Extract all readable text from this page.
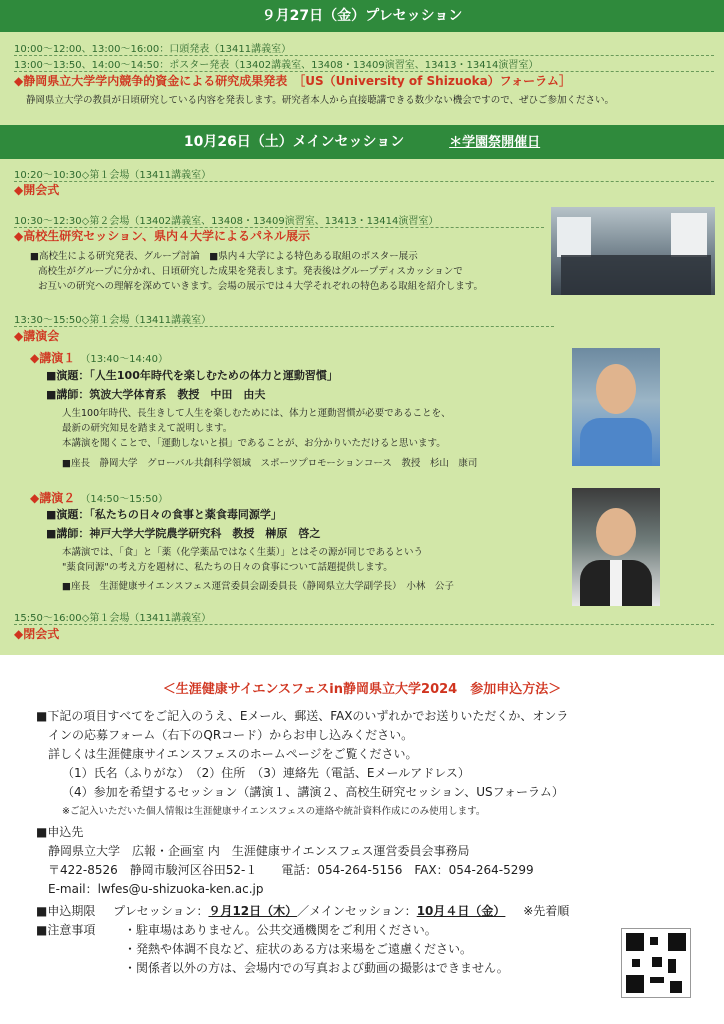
９月27日（金）プレセッション
10:00～12:00、13:00～16:00：口頭発表（13411講義室）
13:00～13:50、14:00～14:50：ポスター発表（13402講義室、13408・13409演習室、13413・13414演習室）
◆静岡県立大学学内競争的資金による研究成果発表　［US（University of Shizuoka）フォーラム］
静岡県立大学の教員が日頃研究している内容を発表します。研究者本人から直接聴講できる数少ない機会ですので、ぜひご参加ください。
10月26日（土）メインセッション	＊学園祭開催日
10:20～10:30◇第１会場（13411講義室）
◆開会式
10:30～12:30◇第２会場（13402講義室、13408・13409演習室、13413・13414演習室）
◆高校生研究セッション、県内４大学によるパネル展示
■高校生による研究発表、グループ討論　■県内４大学による特色ある取組のポスター展示
高校生がグループに分かれ、日頃研究した成果を発表します。発表後はグループディスカッションで
お互いの研究への理解を深めていきます。会場の展示では４大学それぞれの特色ある取組を紹介します。
13:30～15:50◇第１会場（13411講義室）
◆講演会
◆講演１ （13:40～14:40）
■演題：「人生100年時代を楽しむための体力と運動習慣」
■講師：筑波大学体育系　教授　中田　由夫
人生100年時代、長生きして人生を楽しむためには、体力と運動習慣が必要であることを、
最新の研究知見を踏まえて説明します。
本講演を聞くことで、「運動しないと損」であることが、お分かりいただけると思います。
■座長　静岡大学　グローバル共創科学領域　スポーツプロモーションコース　教授　杉山　康司
◆講演２ （14:50～15:50）
■演題：「私たちの日々の食事と薬食毒同源学」
■講師：神戸大学大学院農学研究科　教授　榊原　啓之
本講演では、「食」と「薬（化学薬品ではなく生薬）」とはその源が同じであるという
"薬食同源"の考え方を題材に、私たちの日々の食事について話題提供します。
■座長　生涯健康サイエンスフェス運営委員会副委員長（静岡県立大学副学長）　小林　公子
15:50～16:00◇第１会場（13411講義室）
◆閉会式
＜生涯健康サイエンスフェスin静岡県立大学2024　参加申込方法＞
■下記の項目すべてをご記入のうえ、Eメール、郵送、FAXのいずれかでお送りいただくか、オンラ
インの応募フォーム（右下のQRコード）からお申し込みください。
詳しくは生涯健康サイエンスフェスのホームページをご覧ください。
（1）氏名（ふりがな）　（2）住所　（3）連絡先（電話、Eメールアドレス）
（4）参加を希望するセッション（講演１、講演２、高校生研究セッション、USフォーラム）
※ご記入いただいた個人情報は生涯健康サイエンスフェスの連絡や統計資料作成にのみ使用します。
■申込先
静岡県立大学　広報・企画室 内　生涯健康サイエンスフェス運営委員会事務局
〒422-8526　静岡市駿河区谷田52-１　　電話：054-264-5156　FAX：054-264-5299
E-mail：lwfes@u-shizuoka-ken.ac.jp
■申込期限 プレセッション：９月12日（木）／メインセッション：10月４日（金） ※先着順
■注意事項 ・駐車場はありません。公共交通機関をご利用ください。
・発熱や体調不良など、症状のある方は来場をご遠慮ください。
・関係者以外の方は、会場内での写真および動画の撮影はできません。
